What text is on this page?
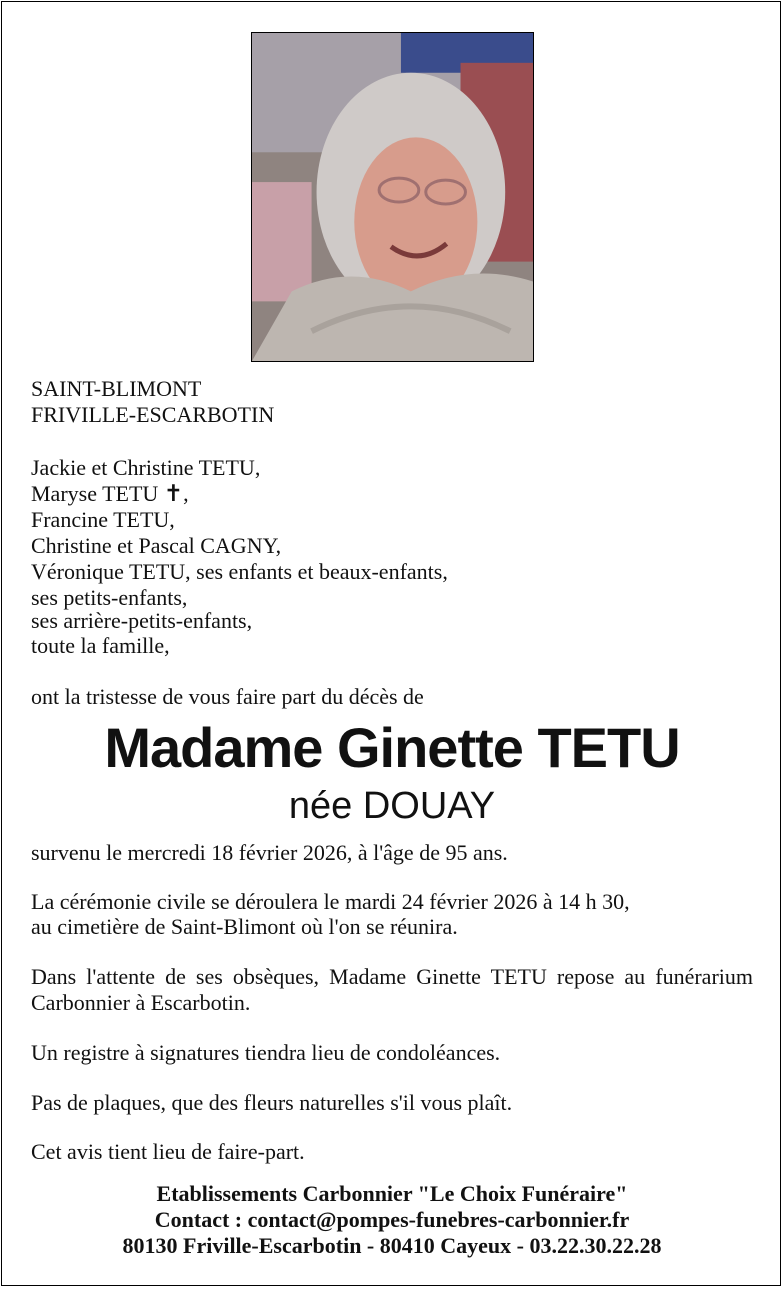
SAINT-BLIMONT

FRIVILLE-ESCARBOTIN

Jackie et Christine TETU,

Maryse TETU ✝,

Francine TETU,

Christine et Pascal CAGNY,

Véronique TETU, ses enfants et beaux-enfants,

ses petits-enfants,

ses arrière-petits-enfants,

toute la famille,

ont la tristesse de vous faire part du décès de

Madame Ginette TETU

née DOUAY

survenu le mercredi 18 février 2026, à l'âge de 95 ans.

La cérémonie civile se déroulera le mardi 24 février 2026 à 14 h 30,

au cimetière de Saint-Blimont où l'on se réunira.

Dans l'attente de ses obsèques, Madame Ginette TETU repose au funérarium Carbonnier à Escarbotin.

Un registre à signatures tiendra lieu de condoléances.

Pas de plaques, que des fleurs naturelles s'il vous plaît.

Cet avis tient lieu de faire-part.

Etablissements Carbonnier "Le Choix Funéraire"
Contact : contact@pompes-funebres-carbonnier.fr
80130 Friville-Escarbotin - 80410 Cayeux - 03.22.30.22.28
